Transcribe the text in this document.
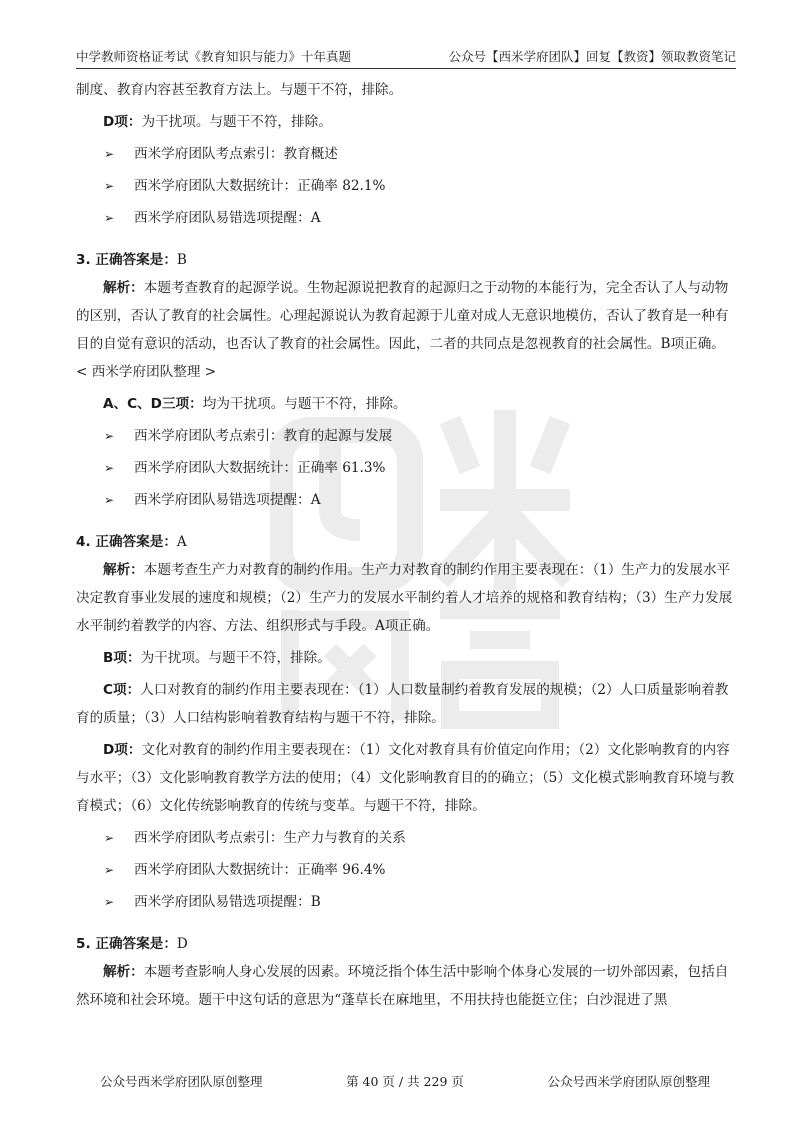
中学教师资格证考试《教育知识与能力》十年真题	公众号【西米学府团队】回复【教资】领取教资笔记

制度、教育内容甚至教育方法上。与题干不符，排除。

D项：为干扰项。与题干不符，排除。

➢	西米学府团队考点索引：教育概述
➢	西米学府团队大数据统计：正确率 82.1%
➢	西米学府团队易错选项提醒：A

3. 正确答案是：B

解析：本题考查教育的起源学说。生物起源说把教育的起源归之于动物的本能行为，完全否认了人与动物的区别，否认了教育的社会属性。心理起源说认为教育起源于儿童对成人无意识地模仿，否认了教育是一种有目的自觉有意识的活动，也否认了教育的社会属性。因此，二者的共同点是忽视教育的社会属性。B项正确。< 西米学府团队整理 >

A、C、D三项：均为干扰项。与题干不符，排除。

➢	西米学府团队考点索引：教育的起源与发展
➢	西米学府团队大数据统计：正确率 61.3%
➢	西米学府团队易错选项提醒：A

4. 正确答案是：A

解析：本题考查生产力对教育的制约作用。生产力对教育的制约作用主要表现在：（1）生产力的发展水平决定教育事业发展的速度和规模；（2）生产力的发展水平制约着人才培养的规格和教育结构；（3）生产力发展水平制约着教学的内容、方法、组织形式与手段。A项正确。

B项：为干扰项。与题干不符，排除。

C项：人口对教育的制约作用主要表现在：（1）人口数量制约着教育发展的规模；（2）人口质量影响着教育的质量；（3）人口结构影响着教育结构与题干不符，排除。

D项：文化对教育的制约作用主要表现在：（1）文化对教育具有价值定向作用；（2）文化影响教育的内容与水平；（3）文化影响教育教学方法的使用；（4）文化影响教育目的的确立；（5）文化模式影响教育环境与教育模式；（6）文化传统影响教育的传统与变革。与题干不符，排除。

➢	西米学府团队考点索引：生产力与教育的关系
➢	西米学府团队大数据统计：正确率 96.4%
➢	西米学府团队易错选项提醒：B

5. 正确答案是：D

解析：本题考查影响人身心发展的因素。环境泛指个体生活中影响个体身心发展的一切外部因素，包括自然环境和社会环境。题干中这句话的意思为“蓬草长在麻地里，不用扶持也能挺立住；白沙混进了黑

公众号西米学府团队原创整理	第 40 页 / 共 229 页	公众号西米学府团队原创整理
